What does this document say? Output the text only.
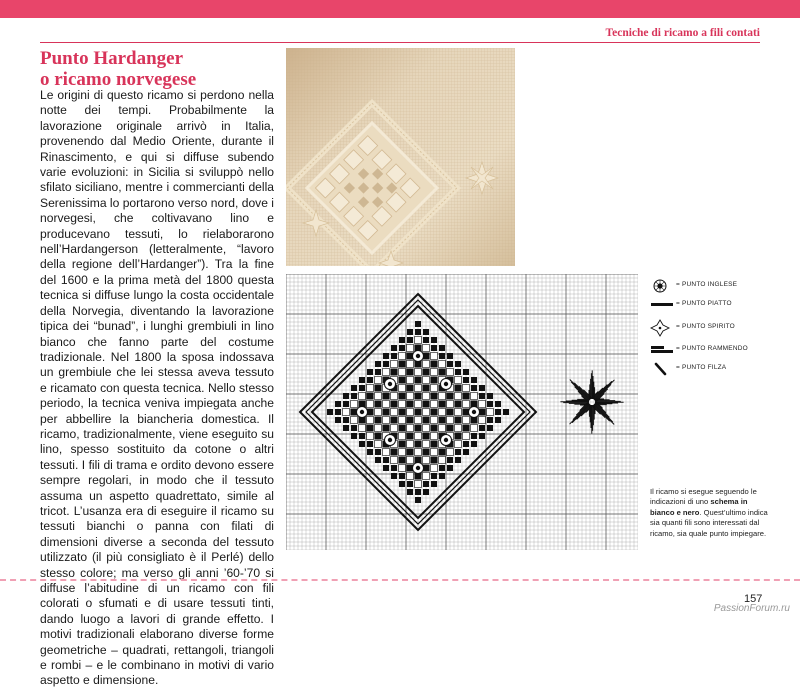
Tecniche di ricamo a fili contati
Punto Hardanger
o ricamo norvegese
Le origini di questo ricamo si perdono nella notte dei tempi. Probabilmente la lavorazione originale arrivò in Italia, provenendo dal Medio Oriente, durante il Rinascimento, e qui si diffuse subendo varie evoluzioni: in Sicilia si sviluppò nello sfilato siciliano, mentre i commercianti della Serenissima lo portarono verso nord, dove i norvegesi, che coltivavano lino e producevano tessuti, lo rielaborarono nell’Hardangerson (letteralmente, “lavoro della regione dell’Hardanger”). Tra la fine del 1600 e la prima metà del 1800 questa tecnica si diffuse lungo la costa occidentale della Norvegia, diventando la lavorazione tipica dei “bunad”, i lunghi grembiuli in lino bianco che fanno parte del costume tradizionale. Nel 1800 la sposa indossava un grembiule che lei stessa aveva tessuto e ricamato con questa tecnica. Nello stesso periodo, la tecnica veniva impiegata anche per abbellire la biancheria domestica. Il ricamo, tradizionalmente, viene eseguito su lino, spesso sostituito da cotone o altri tessuti. I fili di trama e ordito devono essere sempre regolari, in modo che il tessuto assuma un aspetto quadrettato, simile al tricot. L’usanza era di eseguire il ricamo su tessuti bianchi o panna con filati di dimensioni diverse a seconda del tessuto utilizzato (il più consigliato è il Perlé) dello stesso colore; ma verso gli anni ’60-’70 si diffuse l’abitudine di un ricamo con fili colorati o sfumati e di usare tessuti tinti, dando luogo a lavori di grande effetto. I motivi tradizionali elaborano diverse forme geometriche – quadrati, rettangoli, triangoli e rombi – e le combinano in motivi di vario aspetto e dimensione.
= PUNTO INGLESE
= PUNTO PIATTO
= PUNTO SPIRITO
= PUNTO RAMMENDO
= PUNTO FILZA
Il ricamo si esegue seguendo le indicazioni di uno schema in bianco e nero. Quest’ultimo indica sia quanti fili sono interessati dal ricamo, sia quale punto impiegare.
157
PassionForum.ru
